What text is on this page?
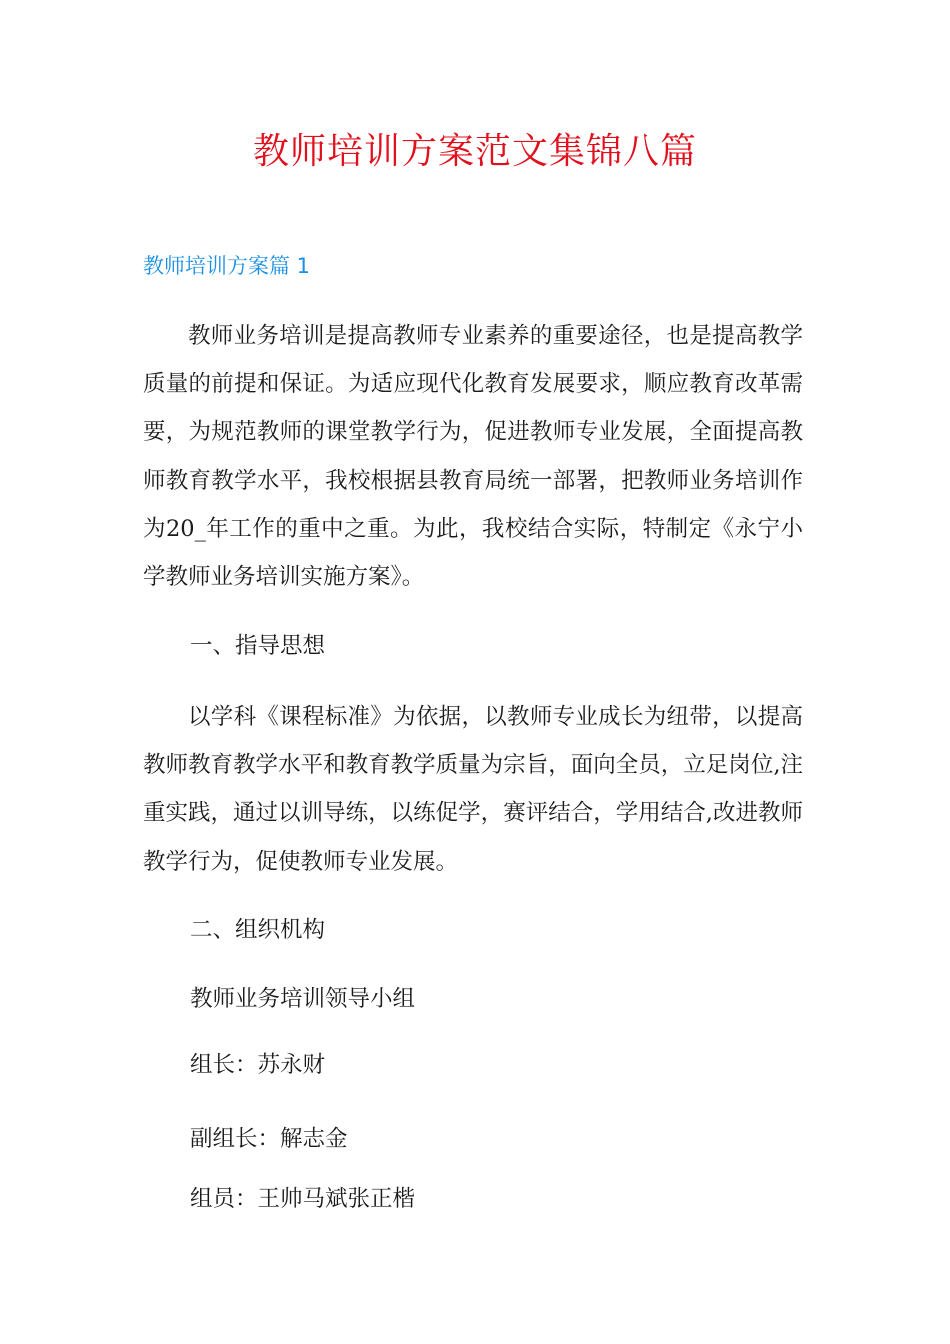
教师培训方案范文集锦八篇
教师培训方案篇 1

教师业务培训是提高教师专业素养的重要途径，也是提高教学质量的前提和保证。为适应现代化教育发展要求，顺应教育改革需要，为规范教师的课堂教学行为，促进教师专业发展，全面提高教师教育教学水平，我校根据县教育局统一部署，把教师业务培训作为20_年工作的重中之重。为此，我校结合实际，特制定《永宁小学教师业务培训实施方案》。

一、指导思想

以学科《课程标准》为依据，以教师专业成长为纽带，以提高教师教育教学水平和教育教学质量为宗旨，面向全员，立足岗位,注重实践，通过以训导练，以练促学，赛评结合，学用结合,改进教师教学行为，促使教师专业发展。

二、组织机构

教师业务培训领导小组

组长：苏永财

副组长：解志金

组员：王帅马斌张正楷
